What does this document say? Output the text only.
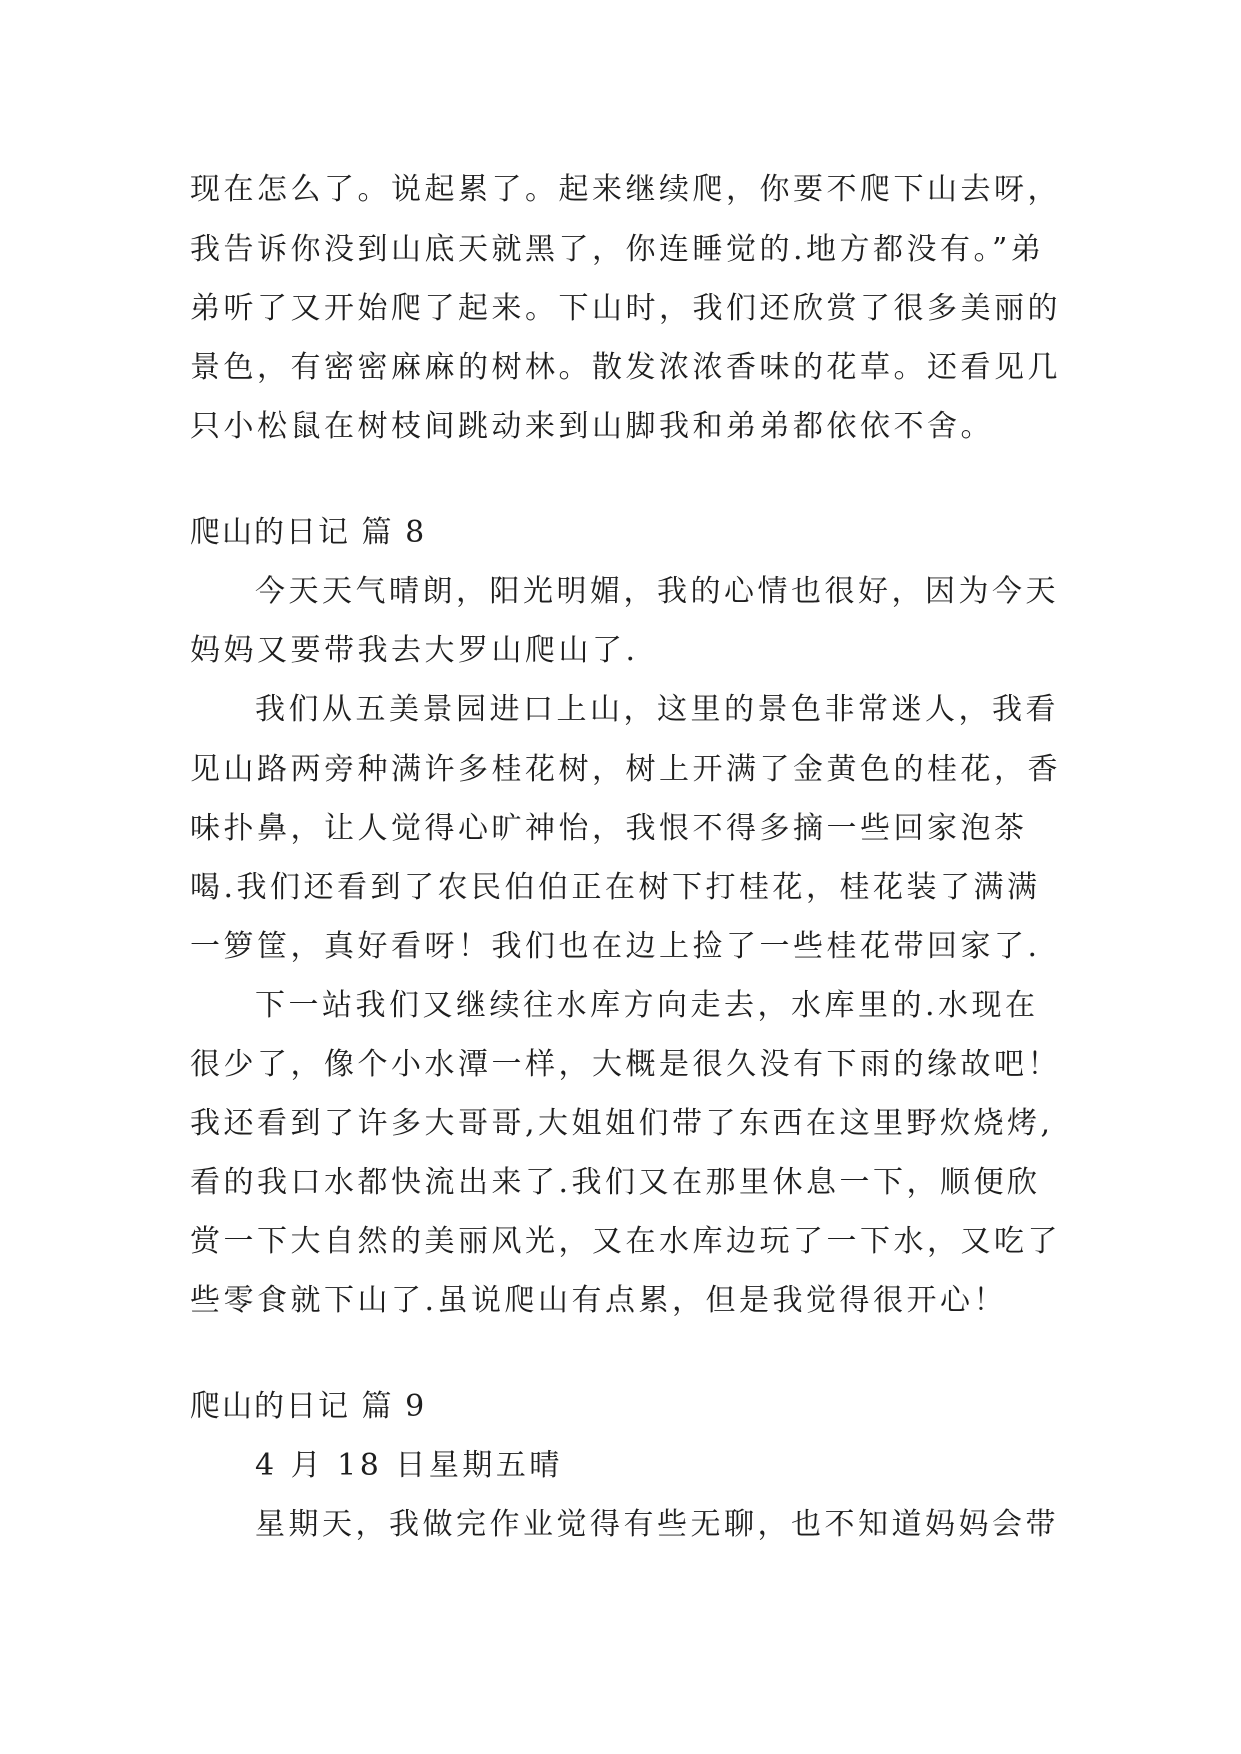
现在怎么了。说起累了。起来继续爬，你要不爬下山去呀，
我告诉你没到山底天就黑了，你连睡觉的.地方都没有。”弟
弟听了又开始爬了起来。下山时，我们还欣赏了很多美丽的
景色，有密密麻麻的树林。散发浓浓香味的花草。还看见几
只小松鼠在树枝间跳动来到山脚我和弟弟都依依不舍。
爬山的日记 篇 8
今天天气晴朗，阳光明媚，我的心情也很好，因为今天
妈妈又要带我去大罗山爬山了.
我们从五美景园进口上山，这里的景色非常迷人，我看
见山路两旁种满许多桂花树，树上开满了金黄色的桂花，香
味扑鼻，让人觉得心旷神怡，我恨不得多摘一些回家泡茶
喝.我们还看到了农民伯伯正在树下打桂花，桂花装了满满
一箩筐，真好看呀！我们也在边上捡了一些桂花带回家了.
下一站我们又继续往水库方向走去，水库里的.水现在
很少了，像个小水潭一样，大概是很久没有下雨的缘故吧！
我还看到了许多大哥哥,大姐姐们带了东西在这里野炊烧烤,
看的我口水都快流出来了.我们又在那里休息一下，顺便欣
赏一下大自然的美丽风光，又在水库边玩了一下水，又吃了
些零食就下山了.虽说爬山有点累，但是我觉得很开心！
爬山的日记 篇 9
4 月 18 日星期五晴
星期天，我做完作业觉得有些无聊，也不知道妈妈会带
